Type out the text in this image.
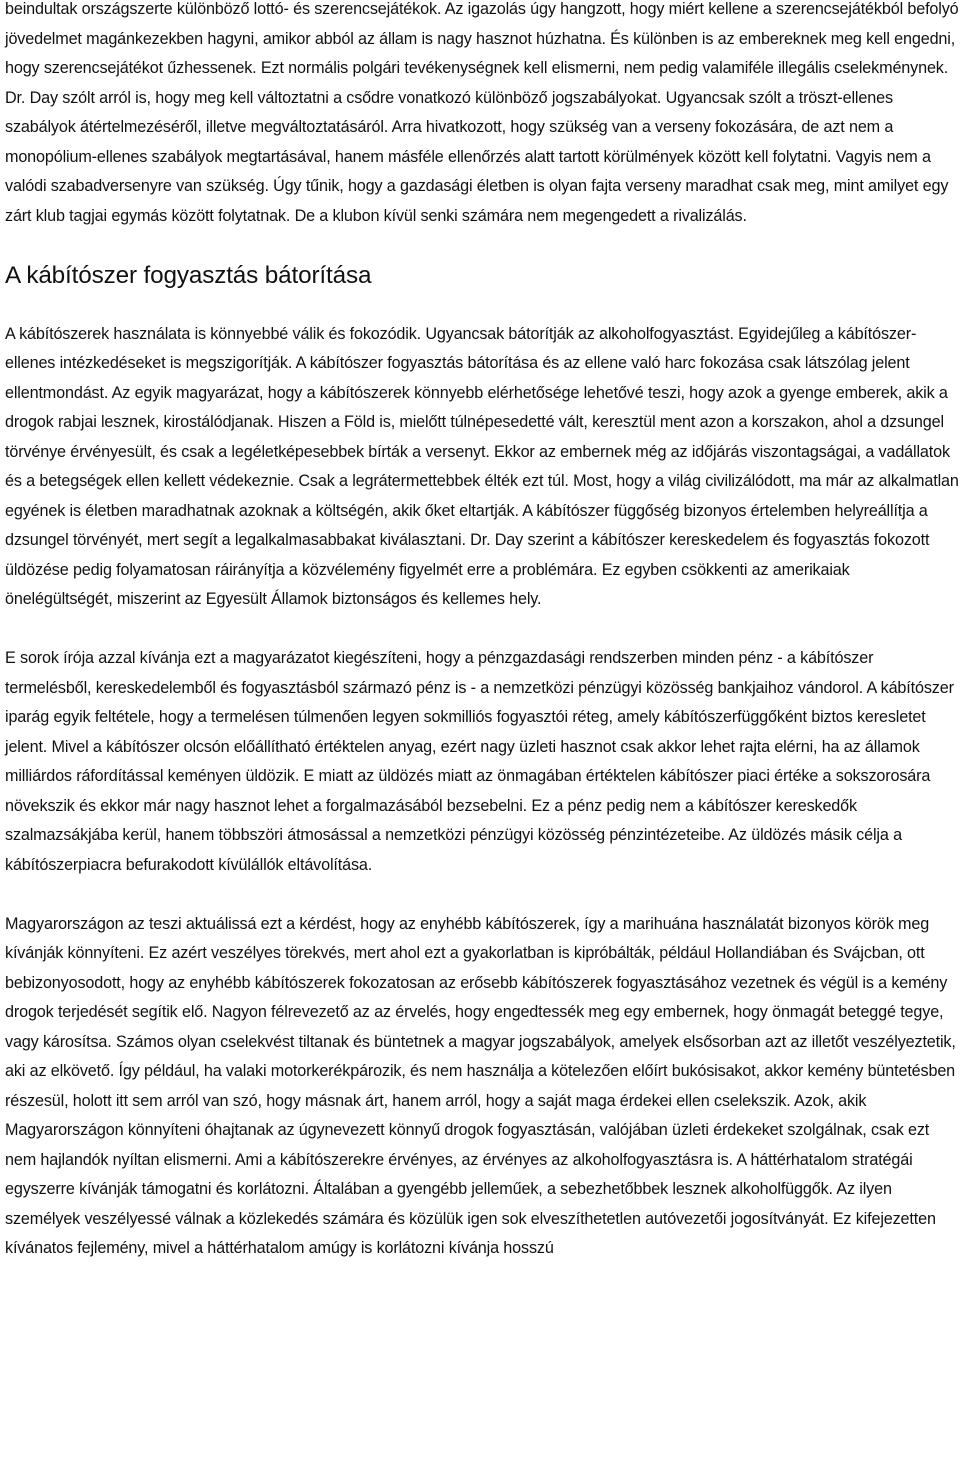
beindultak országszerte különböző lottó- és szerencsejátékok. Az igazolás úgy hangzott, hogy miért kellene a szerencsejátékból befolyó jövedelmet magánkezekben hagyni, amikor abból az állam is nagy hasznot húzhatna. És különben is az embereknek meg kell engedni, hogy szerencsejátékot űzhessenek. Ezt normális polgári tevékenységnek kell elismerni, nem pedig valamiféle illegális cselekménynek.

Dr. Day szólt arról is, hogy meg kell változtatni a csődre vonatkozó különböző jogszabályokat. Ugyancsak szólt a tröszt-ellenes szabályok átértelmezéséről, illetve megváltoztatásáról. Arra hivatkozott, hogy szükség van a verseny fokozására, de azt nem a monopólium-ellenes szabályok megtartásával, hanem másféle ellenőrzés alatt tartott körülmények között kell folytatni. Vagyis nem a valódi szabadversenyre van szükség. Úgy tűnik, hogy a gazdasági életben is olyan fajta verseny maradhat csak meg, mint amilyet egy zárt klub tagjai egymás között folytatnak. De a klubon kívül senki számára nem megengedett a rivalizálás.

A kábítószer fogyasztás bátorítása

A kábítószerek használata is könnyebbé válik és fokozódik. Ugyancsak bátorítják az alkoholfogyasztást. Egyidejűleg a kábítószer-ellenes intézkedéseket is megszigorítják. A kábítószer fogyasztás bátorítása és az ellene való harc fokozása csak látszólag jelent ellentmondást. Az egyik magyarázat, hogy a kábítószerek könnyebb elérhetősége lehetővé teszi, hogy azok a gyenge emberek, akik a drogok rabjai lesznek, kirostálódjanak. Hiszen a Föld is, mielőtt túlnépesedetté vált, keresztül ment azon a korszakon, ahol a dzsungel törvénye érvényesült, és csak a legéletképesebbek bírták a versenyt. Ekkor az embernek még az időjárás viszontagságai, a vadállatok és a betegségek ellen kellett védekeznie. Csak a legrátermettebbek élték ezt túl. Most, hogy a világ civilizálódott, ma már az alkalmatlan egyének is életben maradhatnak azoknak a költségén, akik őket eltartják. A kábítószer függőség bizonyos értelemben helyreállítja a dzsungel törvényét, mert segít a legalkalmasabbakat kiválasztani. Dr. Day szerint a kábítószer kereskedelem és fogyasztás fokozott üldözése pedig folyamatosan ráirányítja a közvélemény figyelmét erre a problémára. Ez egyben csökkenti az amerikaiak önelégültségét, miszerint az Egyesült Államok biztonságos és kellemes hely.

E sorok írója azzal kívánja ezt a magyarázatot kiegészíteni, hogy a pénzgazdasági rendszerben minden pénz - a kábítószer termelésből, kereskedelemből és fogyasztásból származó pénz is - a nemzetközi pénzügyi közösség bankjaihoz vándorol. A kábítószer iparág egyik feltétele, hogy a termelésen túlmenően legyen sokmilliós fogyasztói réteg, amely kábítószerfüggőként biztos keresletet jelent. Mivel a kábítószer olcsón előállítható értéktelen anyag, ezért nagy üzleti hasznot csak akkor lehet rajta elérni, ha az államok milliárdos ráfordítással keményen üldözik. E miatt az üldözés miatt az önmagában értéktelen kábítószer piaci értéke a sokszorosára növekszik és ekkor már nagy hasznot lehet a forgalmazásából bezsebelni. Ez a pénz pedig nem a kábítószer kereskedők szalmazsákjába kerül, hanem többszöri átmosással a nemzetközi pénzügyi közösség pénzintézeteibe. Az üldözés másik célja a kábítószerpiacra befurakodott kívülállók eltávolítása.

Magyarországon az teszi aktuálissá ezt a kérdést, hogy az enyhébb kábítószerek, így a marihuána használatát bizonyos körök meg kívánják könnyíteni. Ez azért veszélyes törekvés, mert ahol ezt a gyakorlatban is kipróbálták, például Hollandiában és Svájcban, ott bebizonyosodott, hogy az enyhébb kábítószerek fokozatosan az erősebb kábítószerek fogyasztásához vezetnek és végül is a kemény drogok terjedését segítik elő. Nagyon félrevezető az az érvelés, hogy engedtessék meg egy embernek, hogy önmagát beteggé tegye, vagy károsítsa. Számos olyan cselekvést tiltanak és büntetnek a magyar jogszabályok, amelyek elsősorban azt az illetőt veszélyeztetik, aki az elkövető. Így például, ha valaki motorkerékpározik, és nem használja a kötelezően előírt bukósisakot, akkor kemény büntetésben részesül, holott itt sem arról van szó, hogy másnak árt, hanem arról, hogy a saját maga érdekei ellen cselekszik. Azok, akik Magyarországon könnyíteni óhajtanak az úgynevezett könnyű drogok fogyasztásán, valójában üzleti érdekeket szolgálnak, csak ezt nem hajlandók nyíltan elismerni. Ami a kábítószerekre érvényes, az érvényes az alkoholfogyasztásra is. A háttérhatalom stratégái egyszerre kívánják támogatni és korlátozni. Általában a gyengébb jelleműek, a sebezhetőbbek lesznek alkoholfüggők. Az ilyen személyek veszélyessé válnak a közlekedés számára és közülük igen sok elveszíthetetlen autóvezetői jogosítványát. Ez kifejezetten kívánatos fejlemény, mivel a háttérhatalom amúgy is korlátozni kívánja hosszú
